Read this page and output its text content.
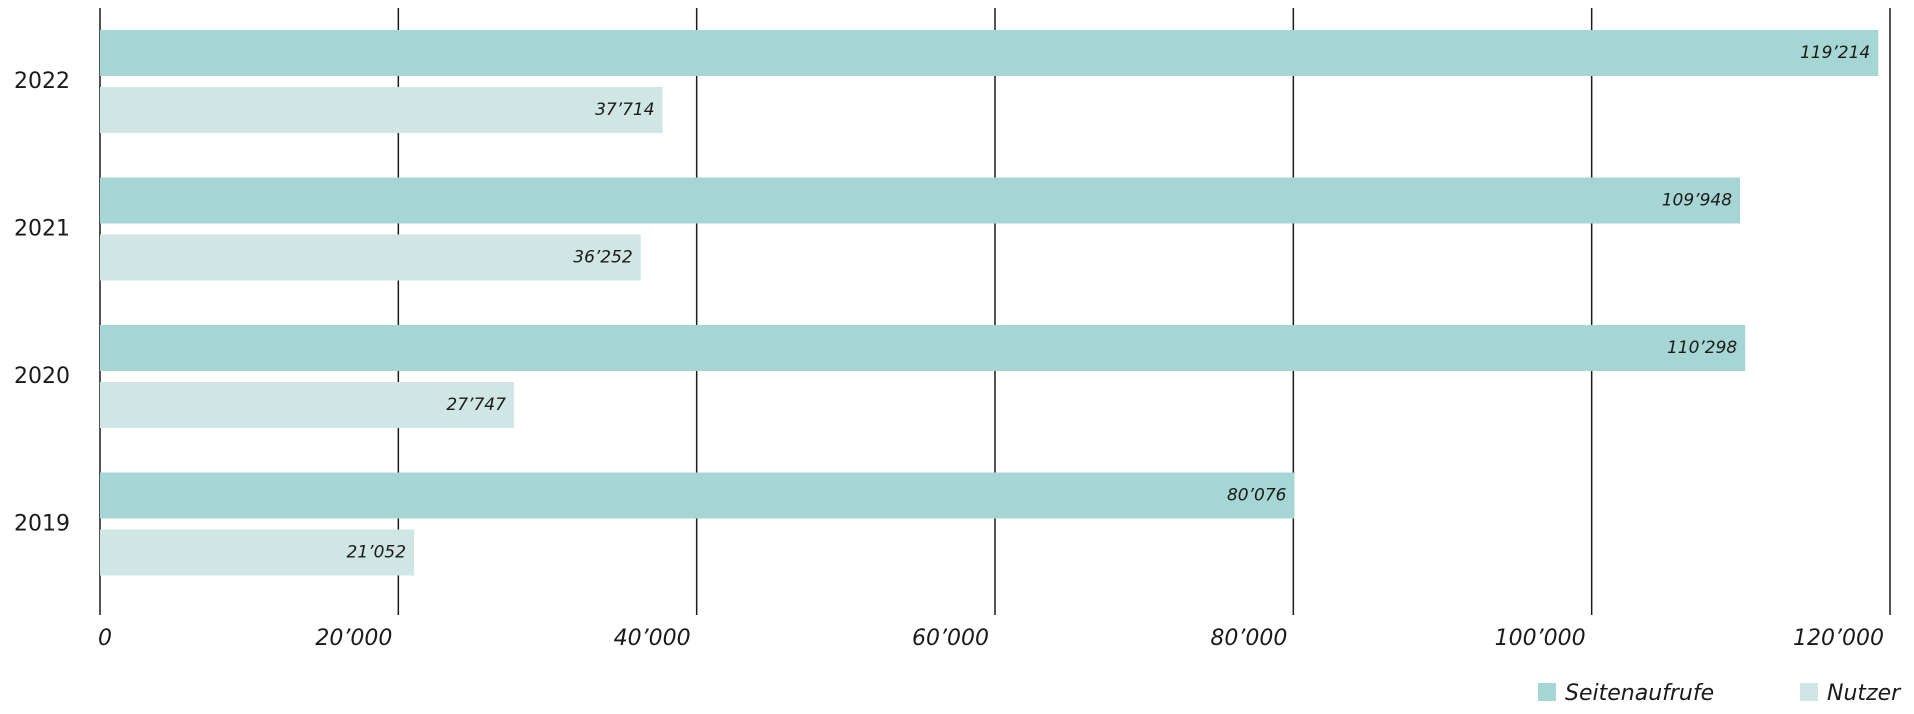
119’214
37’714
109’948
36’252
110’298
27’747
80’076
21’052
2022
2021
2020
2019
0	20’000	40’000	60’000	80’000	100’000	120’000
Seitenaufrufe	Nutzer
